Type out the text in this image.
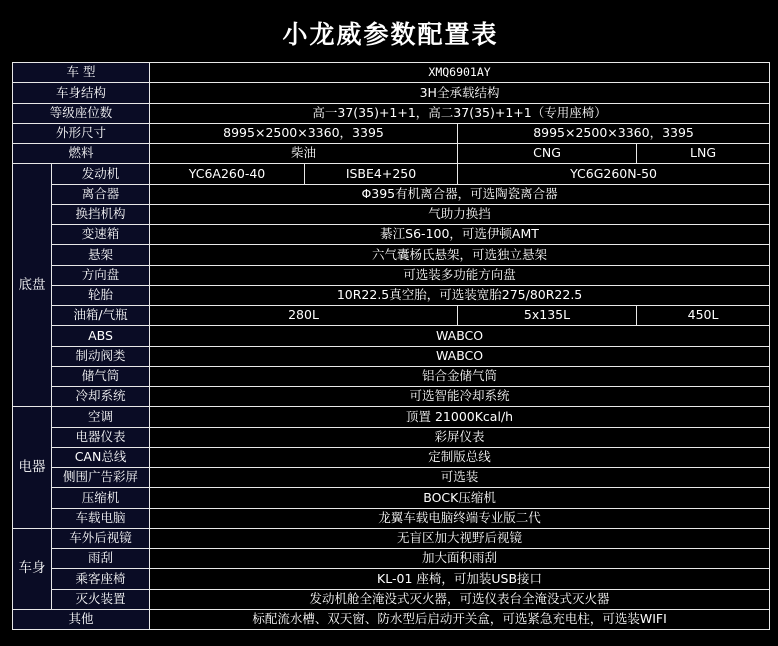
小龙威参数配置表
车 型		XMQ6901AY			
车身结构		3H全承载结构			
等级座位数		高一37(35)+1+1，高二37(35)+1+1（专用座椅）			
外形尺寸		8995×2500×3360，3395		8995×2500×3360，3395	
燃料		柴油		CNG	LNG
底盘	发动机	YC6A260-40	ISBE4+250	YC6G260N-50	
	离合器	Φ395有机离合器，可选陶瓷离合器			
	换挡机构	气助力换挡			
	变速箱	綦江S6-100，可选伊顿AMT			
	悬架	六气囊杨氏悬架，可选独立悬架			
	方向盘	可选装多功能方向盘			
	轮胎	10R22.5真空胎，可选装宽胎275/80R22.5			
	油箱/气瓶	280L		5x135L	450L
	ABS	WABCO			
	制动阀类	WABCO			
	储气筒	铝合金储气筒			
	冷却系统	可选智能冷却系统			
电器	空调	顶置 21000Kcal/h			
	电器仪表	彩屏仪表			
	CAN总线	定制版总线			
	侧围广告彩屏	可选装			
	压缩机	BOCK压缩机			
	车载电脑	龙翼车载电脑终端专业版二代			
车身	车外后视镜	无盲区加大视野后视镜			
	雨刮	加大面积雨刮			
	乘客座椅	KL-01 座椅，可加装USB接口			
	灭火装置	发动机舱全淹没式灭火器，可选仪表台全淹没式灭火器			
其他		标配流水槽、双天窗、防水型后启动开关盒，可选紧急充电柱，可选装WIFI			
